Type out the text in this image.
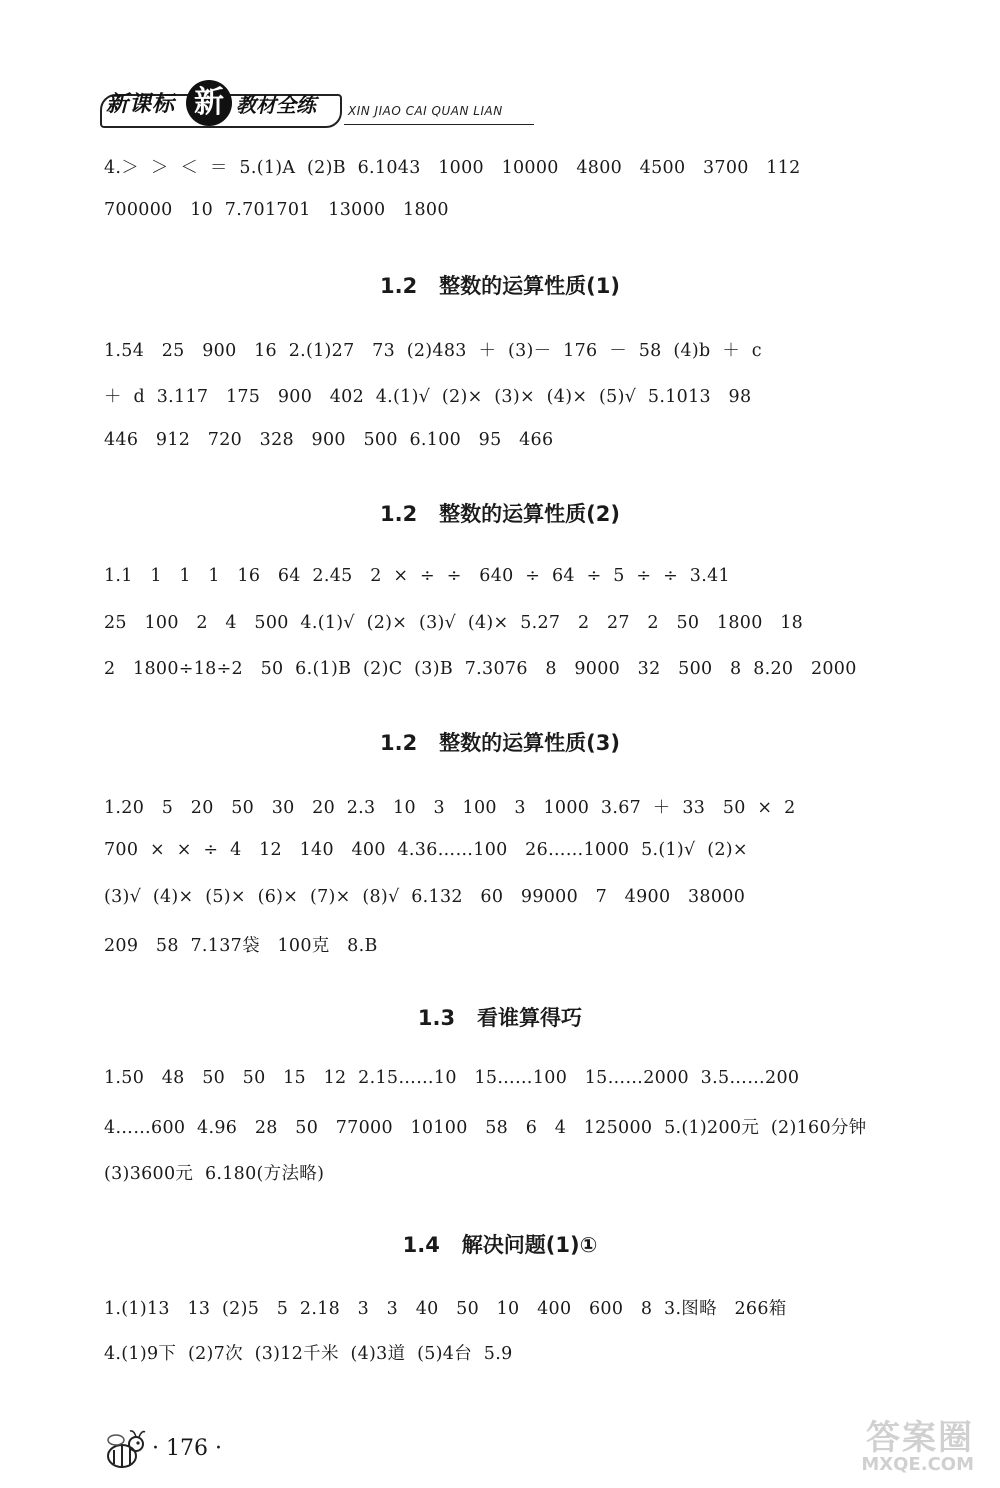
新课标 新 教材全练	XIN JIAO CAI QUAN LIAN
4.＞  ＞  ＜  ＝  5.(1)A  (2)B  6.1043   1000   10000   4800   4500   3700   112
700000   10  7.701701   13000   1800
1.2   整数的运算性质(1)
1.54   25   900   16  2.(1)27   73  (2)483  ＋  (3)－  176  －  58  (4)b  ＋  c
＋  d  3.117   175   900   402  4.(1)√  (2)×  (3)×  (4)×  (5)√  5.1013   98
446   912   720   328   900   500  6.100   95   466
1.2   整数的运算性质(2)
1.1   1   1   1   16   64  2.45   2  ×  ÷  ÷   640  ÷  64  ÷  5  ÷  ÷  3.41
25   100   2   4   500  4.(1)√  (2)×  (3)√  (4)×  5.27   2   27   2   50   1800   18
2   1800÷18÷2   50  6.(1)B  (2)C  (3)B  7.3076   8   9000   32   500   8  8.20   2000
1.2   整数的运算性质(3)
1.20   5   20   50   30   20  2.3   10   3   100   3   1000  3.67  ＋  33   50  ×  2
700  ×  ×  ÷  4   12   140   400  4.36……100   26……1000  5.(1)√  (2)×
(3)√  (4)×  (5)×  (6)×  (7)×  (8)√  6.132   60   99000   7   4900   38000
209   58  7.137袋   100克   8.B
1.3   看谁算得巧
1.50   48   50   50   15   12  2.15……10   15……100   15……2000  3.5……200
4……600  4.96   28   50   77000   10100   58   6   4   125000  5.(1)200元  (2)160分钟
(3)3600元  6.180(方法略)
1.4   解决问题(1)①
1.(1)13   13  (2)5   5  2.18   3   3   40   50   10   400   600   8  3.图略   266箱
4.(1)9下  (2)7次  (3)12千米  (4)3道  (5)4台  5.9
· 176 ·	答案圈
MXQE.COM
